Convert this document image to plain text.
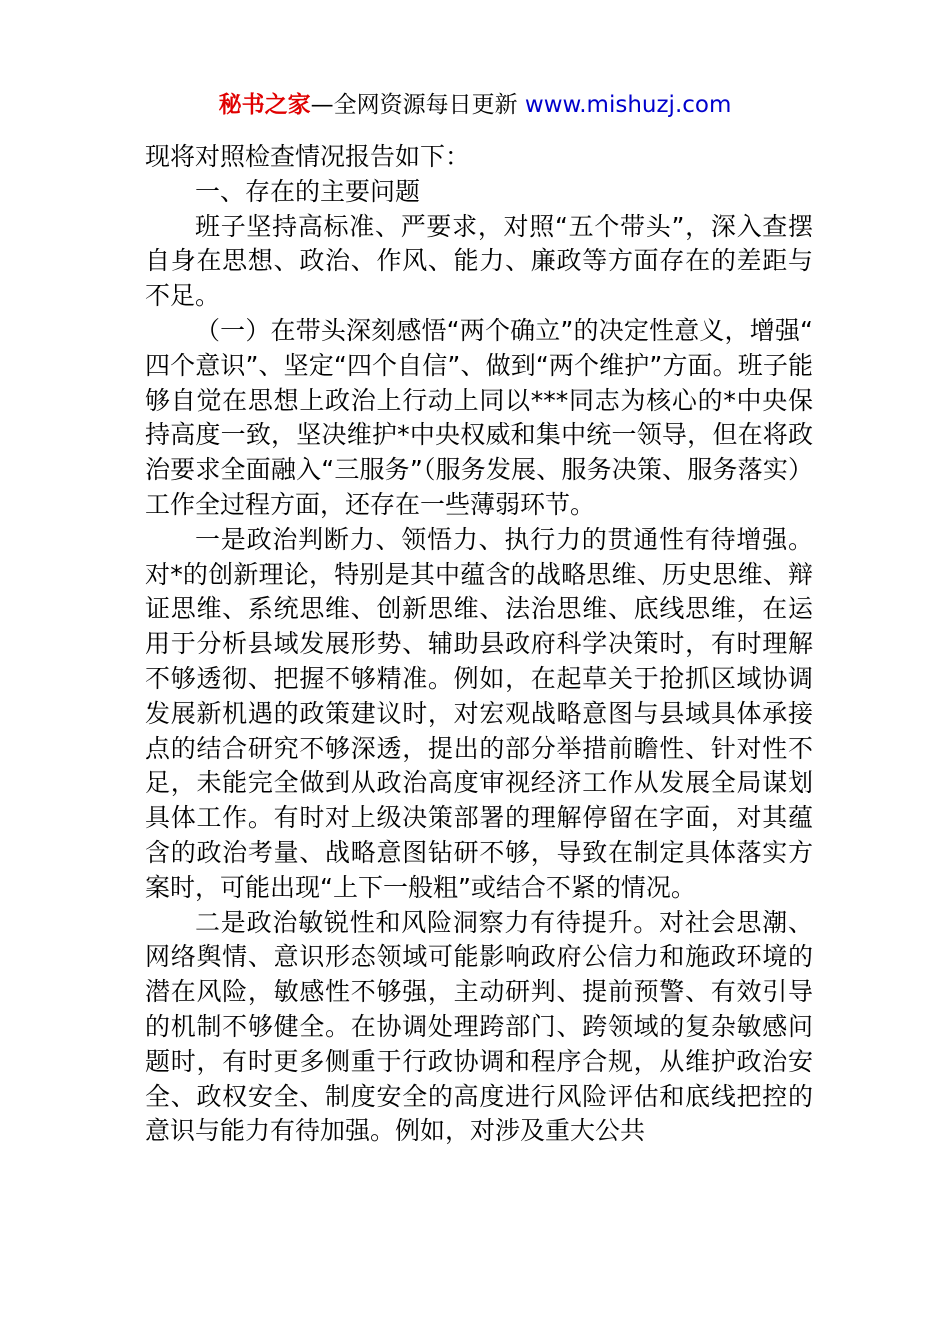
秘书之家—全网资源每日更新 www.mishuzj.com

现将对照检查情况报告如下：

一、存在的主要问题

班子坚持高标准、严要求，对照“五个带头”，深入查摆自身在思想、政治、作风、能力、廉政等方面存在的差距与不足。

（一）在带头深刻感悟“两个确立”的决定性意义，增强“四个意识”、坚定“四个自信”、做到“两个维护”方面。班子能够自觉在思想上政治上行动上同以***同志为核心的*中央保持高度一致，坚决维护*中央权威和集中统一领导，但在将政治要求全面融入“三服务”（服务发展、服务决策、服务落实）工作全过程方面，还存在一些薄弱环节。

一是政治判断力、领悟力、执行力的贯通性有待增强。对*的创新理论，特别是其中蕴含的战略思维、历史思维、辩证思维、系统思维、创新思维、法治思维、底线思维，在运用于分析县域发展形势、辅助县政府科学决策时，有时理解不够透彻、把握不够精准。例如，在起草关于抢抓区域协调发展新机遇的政策建议时，对宏观战略意图与县域具体承接点的结合研究不够深透，提出的部分举措前瞻性、针对性不足，未能完全做到从政治高度审视经济工作从发展全局谋划具体工作。有时对上级决策部署的理解停留在字面，对其蕴含的政治考量、战略意图钻研不够，导致在制定具体落实方案时，可能出现“上下一般粗”或结合不紧的情况。

二是政治敏锐性和风险洞察力有待提升。对社会思潮、网络舆情、意识形态领域可能影响政府公信力和施政环境的潜在风险，敏感性不够强，主动研判、提前预警、有效引导的机制不够健全。在协调处理跨部门、跨领域的复杂敏感问题时，有时更多侧重于行政协调和程序合规，从维护政治安全、政权安全、制度安全的高度进行风险评估和底线把控的意识与能力有待加强。例如，对涉及重大公共
